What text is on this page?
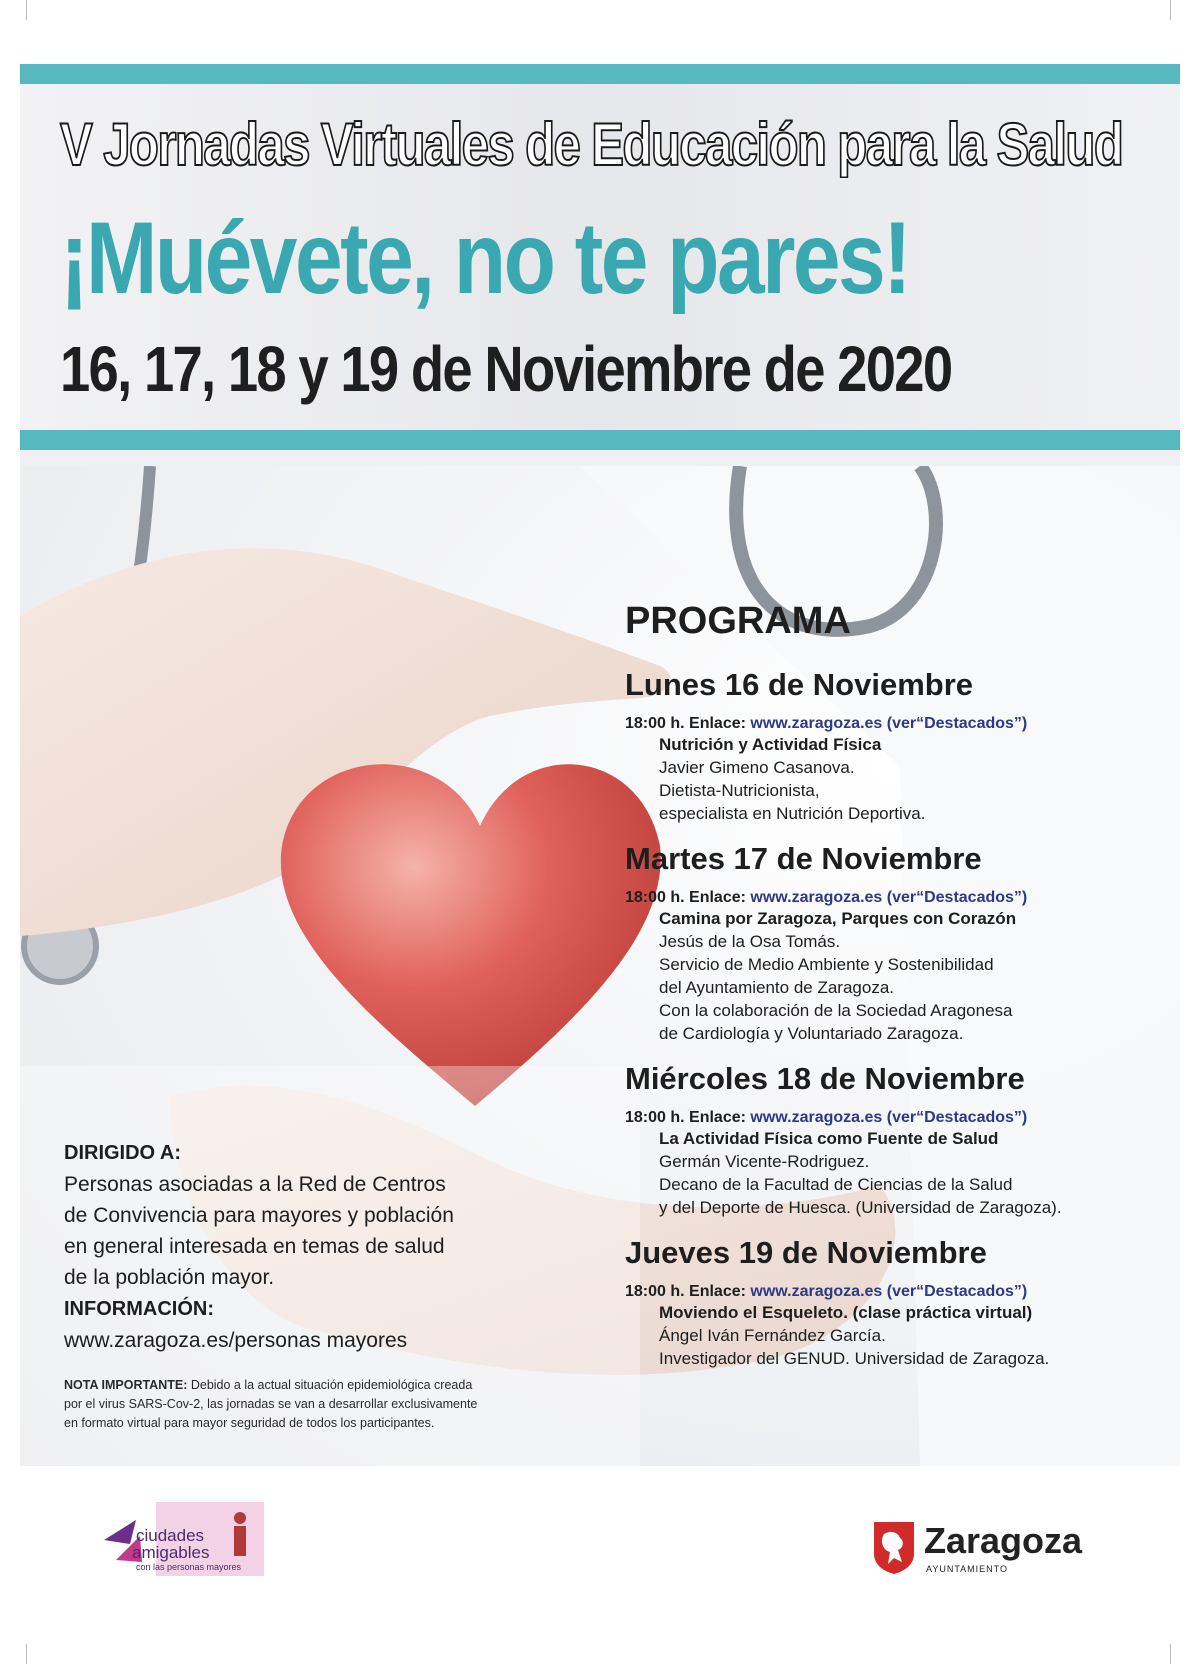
V Jornadas Virtuales de Educación para la Salud
¡Muévete, no te pares!
16, 17, 18 y 19 de Noviembre de 2020
PROGRAMA
Lunes 16 de Noviembre
18:00 h. Enlace: www.zaragoza.es (ver“Destacados”)
Nutrición y Actividad Física
Javier Gimeno Casanova.
Dietista-Nutricionista,
especialista en Nutrición Deportiva.
Martes 17 de Noviembre
18:00 h. Enlace: www.zaragoza.es (ver“Destacados”)
Camina por Zaragoza, Parques con Corazón
Jesús de la Osa Tomás.
Servicio de Medio Ambiente y Sostenibilidad
del Ayuntamiento de Zaragoza.
Con la colaboración de la Sociedad Aragonesa
de Cardiología y Voluntariado Zaragoza.
Miércoles 18 de Noviembre
18:00 h. Enlace: www.zaragoza.es (ver“Destacados”)
La Actividad Física como Fuente de Salud
Germán Vicente-Rodriguez.
Decano de la Facultad de Ciencias de la Salud
y del Deporte de Huesca. (Universidad de Zaragoza).
Jueves 19 de Noviembre
18:00 h. Enlace: www.zaragoza.es (ver“Destacados”)
Moviendo el Esqueleto. (clase práctica virtual)
Ángel Iván Fernández García.
Investigador del GENUD. Universidad de Zaragoza.
DIRIGIDO A:
Personas asociadas a la Red de Centros
de Convivencia para mayores y población
en general interesada en temas de salud
de la población mayor.
INFORMACIÓN:
www.zaragoza.es/personas mayores
NOTA IMPORTANTE: Debido a la actual situación epidemiológica creada
por el virus SARS-Cov-2, las jornadas se van a desarrollar exclusivamente
en formato virtual para mayor seguridad de todos los participantes.
ciudades
amigables
con las personas mayores
Zaragoza
AYUNTAMIENTO
